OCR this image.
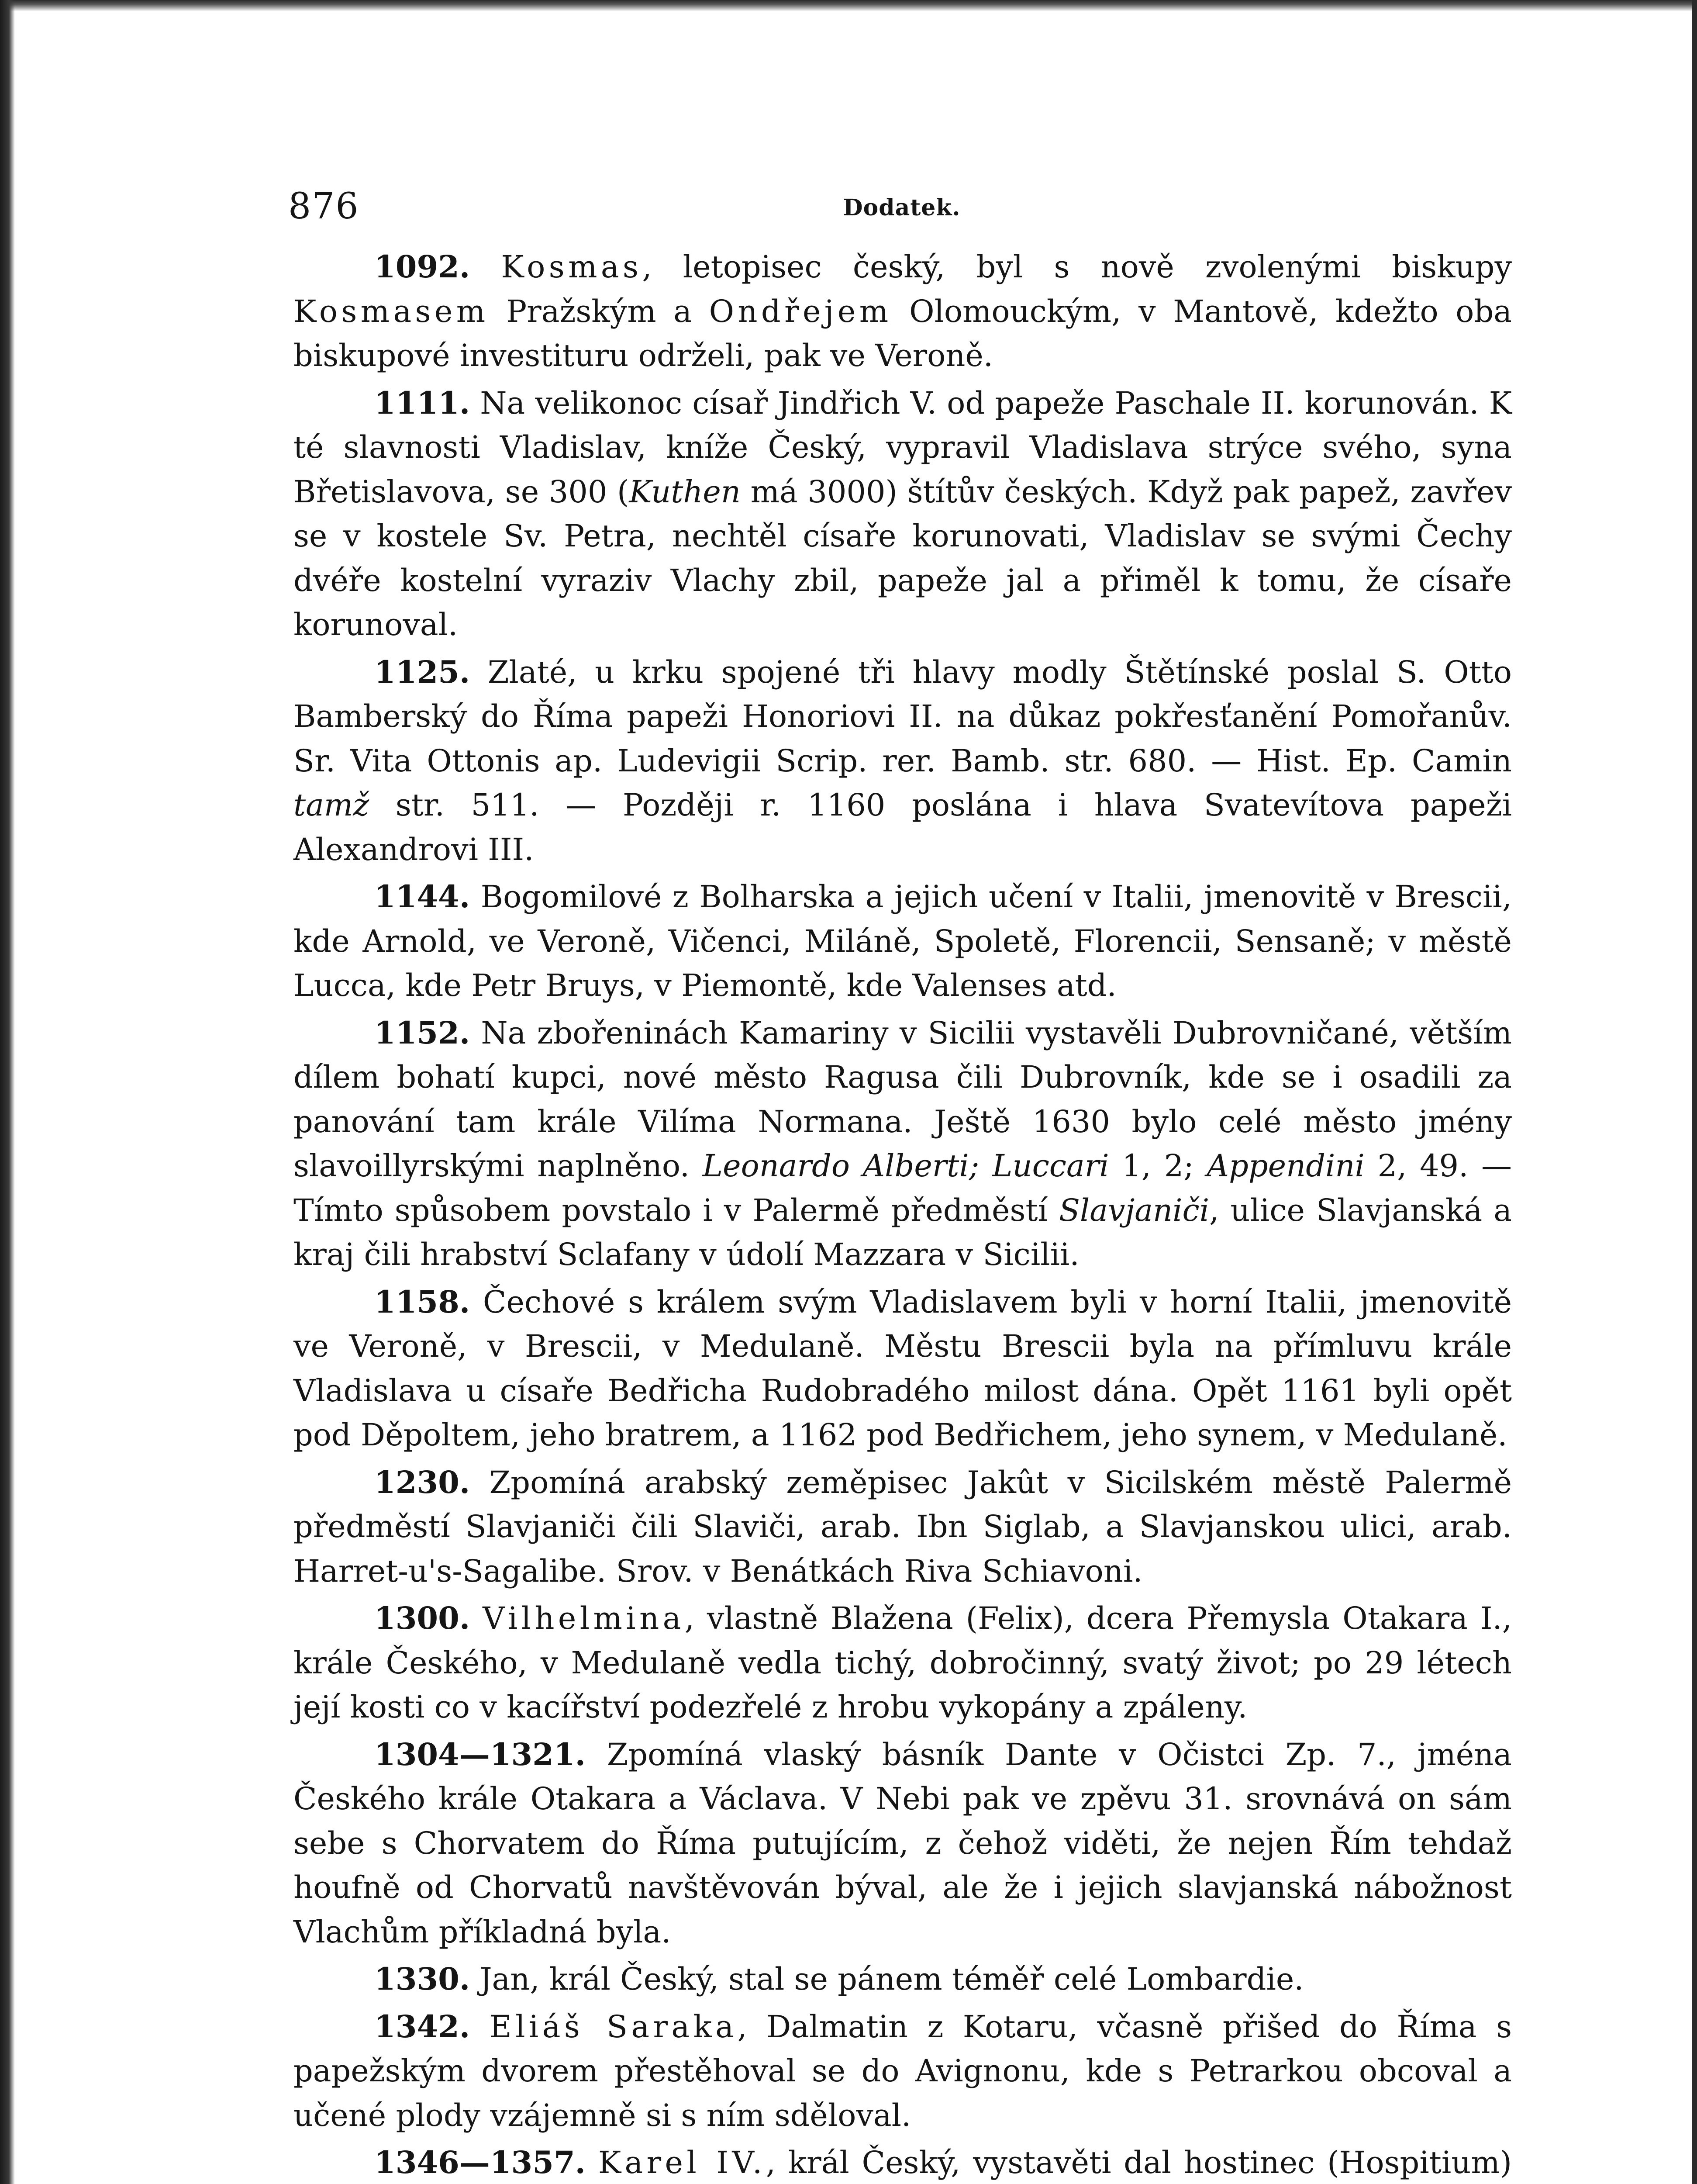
876	Dodatek.

1092. Kosmas, letopisec český, byl s nově zvolenými biskupy Kosmasem Pražským a Ondřejem Olomouckým, v Mantově, kdežto oba biskupové investituru održeli, pak ve Veroně.

1111. Na velikonoc císař Jindřich V. od papeže Paschale II. korunován. K té slavnosti Vladislav, kníže Český, vypravil Vladislava strýce svého, syna Břetislavova, se 300 (Kuthen má 3000) štítův českých. Když pak papež, zavřev se v kostele Sv. Petra, nechtěl císaře korunovati, Vladislav se svými Čechy dvéře kostelní vyraziv Vlachy zbil, papeže jal a přiměl k tomu, že císaře korunoval.

1125. Zlaté, u krku spojené tři hlavy modly Štětínské poslal S. Otto Bamberský do Říma papeži Honoriovi II. na důkaz pokřesťanění Pomořanův. Sr. Vita Ottonis ap. Ludevigii Scrip. rer. Bamb. str. 680. — Hist. Ep. Camin tamž str. 511. — Později r. 1160 poslána i hlava Svatevítova papeži Alexandrovi III.

1144. Bogomilové z Bolharska a jejich učení v Italii, jmenovitě v Brescii, kde Arnold, ve Veroně, Vičenci, Miláně, Spoletě, Florencii, Sensaně; v městě Lucca, kde Petr Bruys, v Piemontě, kde Valenses atd.

1152. Na zbořeninách Kamariny v Sicilii vystavěli Dubrovničané, větším dílem bohatí kupci, nové město Ragusa čili Dubrovník, kde se i osadili za panování tam krále Vilíma Normana. Ještě 1630 bylo celé město jmény slavoillyrskými naplněno. Leonardo Alberti; Luccari 1, 2; Appendini 2, 49. — Tímto spůsobem povstalo i v Palermě předměstí Slavjaniči, ulice Slavjanská a kraj čili hrabství Sclafany v údolí Mazzara v Sicilii.

1158. Čechové s králem svým Vladislavem byli v horní Italii, jmenovitě ve Veroně, v Brescii, v Medulaně. Městu Brescii byla na přímluvu krále Vladislava u císaře Bedřicha Rudobradého milost dána. Opět 1161 byli opět pod Děpoltem, jeho bratrem, a 1162 pod Bedřichem, jeho synem, v Medulaně.

1230. Zpomíná arabský zeměpisec Jakût v Sicilském městě Palermě předměstí Slavjaniči čili Slaviči, arab. Ibn Siglab, a Slavjanskou ulici, arab. Harret-u's-Sagalibe. Srov. v Benátkách Riva Schiavoni.

1300. Vilhelmina, vlastně Blažena (Felix), dcera Přemysla Otakara I., krále Českého, v Medulaně vedla tichý, dobročinný, svatý život; po 29 létech její kosti co v kacířství podezřelé z hrobu vykopány a zpáleny.

1304—1321. Zpomíná vlaský básník Dante v Očistci Zp. 7., jména Českého krále Otakara a Václava. V Nebi pak ve zpěvu 31. srovnává on sám sebe s Chorvatem do Říma putujícím, z čehož viděti, že nejen Řím tehdaž houfně od Chorvatů navštěvován býval, ale že i jejich slavjanská nábožnost Vlachům příkladná byla.

1330. Jan, král Český, stal se pánem téměř celé Lombardie.

1342. Eliáš Saraka, Dalmatin z Kotaru, včasně přišed do Říma s papežským dvorem přestěhoval se do Avignonu, kde s Petrarkou obcoval a učené plody vzájemně si s ním sděloval.

1346—1357. Karel IV., král Český, vystavěti dal hostinec (Hospitium)
